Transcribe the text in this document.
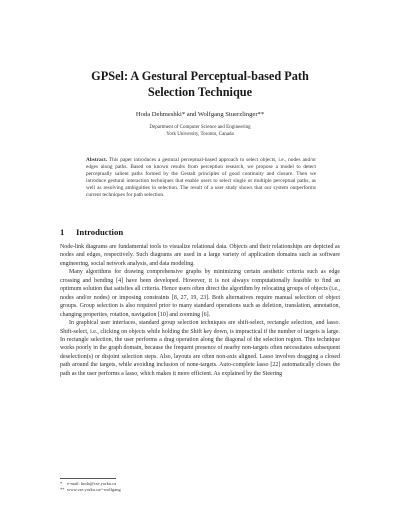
GPSel: A Gestural Perceptual-based Path
Selection Technique
Hoda Dehmeshki* and Wolfgang Stuerzlinger**
Department of Computer Science and Engineering
York University, Toronto, Canada
Abstract. This paper introduces a gestural perceptual-based approach to select objects, i.e., nodes and/or edges along paths. Based on known results from perception research, we propose a model to detect perceptually salient paths formed by the Gestalt principles of good continuity and closure. Then we introduce gestural interaction techniques that enable users to select single or multiple perceptual paths, as well as resolving ambiguities in selection. The result of a user study shows that our system outperforms current techniques for path selection.
1 Introduction

Node-link diagrams are fundamental tools to visualize relational data. Objects and their relationships are depicted as nodes and edges, respectively. Such diagrams are used in a large variety of application domains such as software engineering, social network analysis, and data modeling.

Many algorithms for drawing comprehensive graphs by minimizing certain aesthetic criteria such as edge crossing and bending [4] have been developed. However, it is not always computationally feasible to find an optimum solution that satisfies all criteria. Hence users often direct the algorithm by relocating groups of objects (i.e., nodes and/or nodes) or imposing constraints [8, 27, 19, 23]. Both alternatives require manual selection of object groups. Group selection is also required prior to many standard operations such as deletion, translation, annotation, changing properties, rotation, navigation [10] and zooming [6].

In graphical user interfaces, standard group selection techniques are shift-select, rectangle selection, and lasso. Shift-select, i.e., clicking on objects while holding the Shift key down, is impractical if the number of targets is large. In rectangle selection, the user performs a drag operation along the diagonal of the selection region. This technique works poorly in the graph domain, because the frequent presence of nearby non-targets often necessitates subsequent deselection(s) or disjoint selection steps. Also, layouts are often non-axis aligned. Lasso involves dragging a closed path around the targets, while avoiding inclusion of none-targets. Auto-complete lasso [22] automatically closes the path as the user performs a lasso, which makes it more efficient. As explained by the Steering

* e-mail: hoda@cse.yorku.ca
** www.cse.yorku.ca/~wolfgang
